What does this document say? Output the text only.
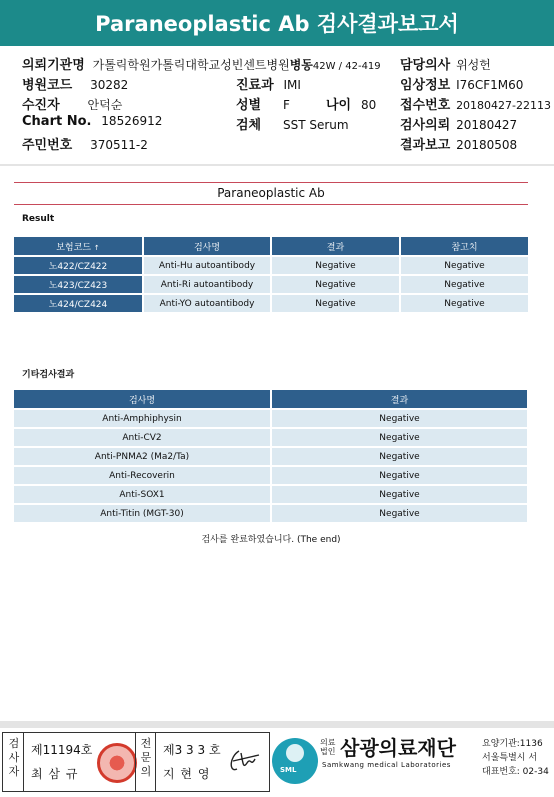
Paraneoplastic Ab 검사결과보고서
의뢰기관명 가톨릭학원가톨릭대학교성빈센트병원병동42W / 42-419 담당의사 위성헌
병원코드 30282	진료과 IMI	임상정보 I76CF1M60
수진자 안덕순	성별 F	나이 80 접수번호 20180427-22113
Chart No. 18526912	검체 SST Serum	검사의뢰 20180427
주민번호 370511-2	결과보고 20180508
Paraneoplastic Ab
Result
보험코드 ↑	검사명	결과	참고치
노422/CZ422	Anti-Hu autoantibody	Negative	Negative
노423/CZ423	Anti-Ri autoantibody	Negative	Negative
노424/CZ424	Anti-YO autoantibody	Negative	Negative
기타검사결과
검사명	결과
Anti-Amphiphysin	Negative
Anti-CV2	Negative
Anti-PNMA2 (Ma2/Ta)	Negative
Anti-Recoverin	Negative
Anti-SOX1	Negative
Anti-Titin (MGT-30)	Negative
검사를 완료하였습니다. (The end)
검사자
제11194호
최 삼 규
전문의
제3 3 3 호
지 현 영	SML
의료법인 삼광의료재단
Samkwang medical Laboratories
요양기관:1136
서울특별시 서
대표번호: 02-34
